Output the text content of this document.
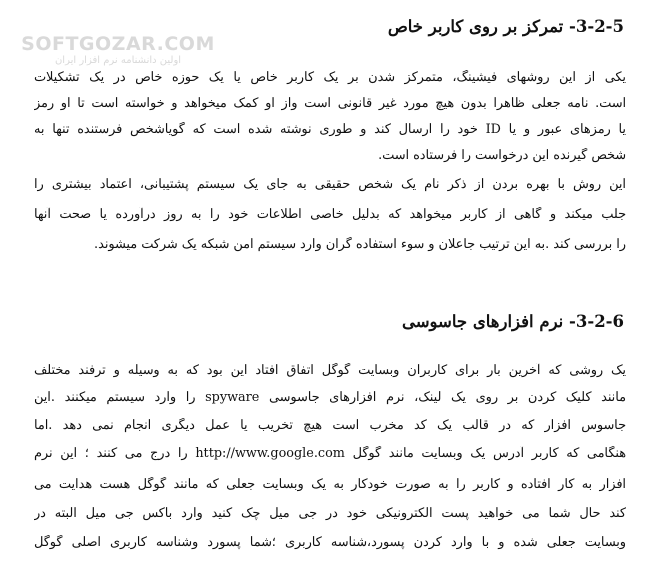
SOFTGOZAR.COM
اولین دانشنامه نرم افزار ایران
3-2-5- تمرکز بر روی کاربر خاص
یکی از این روشهای فیشینگ، متمرکز شدن بر یک کاربر خاص یا یک حوزه خاص در یک تشکیلات
است. نامه جعلی ظاهرا بدون هیچ مورد غیر قانونی است واز او کمک میخواهد و خواسته است تا او رمز
یا رمزهای عبور و یا ID خود را ارسال کند و طوری نوشته شده است که گویاشخص فرستنده تنها به
شخص گیرنده این درخواست را فرستاده است.
این روش با بهره بردن از ذکر نام یک شخص حقیقی به جای یک سیستم پشتیبانی، اعتماد بیشتری را
جلب میکند و گاهی از کاربر میخواهد که بدلیل خاصی اطلاعات خود را به روز درآورده یا صحت آنها
را بررسی کند .به این ترتیب جاعلان و سوء استفاده گران وارد سیستم امن شبکه یک شرکت میشوند.
3-2-6- نرم افزارهای جاسوسی
یک روشی که آخرین بار برای کاربران وبسایت گوگل اتفاق افتاد این بود که به وسیله و ترفند مختلف
مانند کلیک کردن بر روی یک لینک، نرم افزارهای جاسوسی spyware را وارد سیستم میکنند .این
جاسوس افزار که در قالب یک کد مخرب است هیچ تخریب یا عمل دیگری انجام نمی دهد .اما
هنگامی که کاربر آدرس یک وبسایت مانند گوگل http://www.google.com را درج می کنند ؛ این نرم
افزار به کار افتاده و کاربر را به صورت خودکار به یک وبسایت جعلی که مانند گوگل هست هدایت می
کند حال شما می خواهید پست الکترونیکی خود در جی میل چک کنید وارد باکس جی میل البته در
وبسایت جعلی شده و با وارد کردن پسورد،شناسه کاربری ؛شما پسورد وشناسه کاربری اصلی گوگل
